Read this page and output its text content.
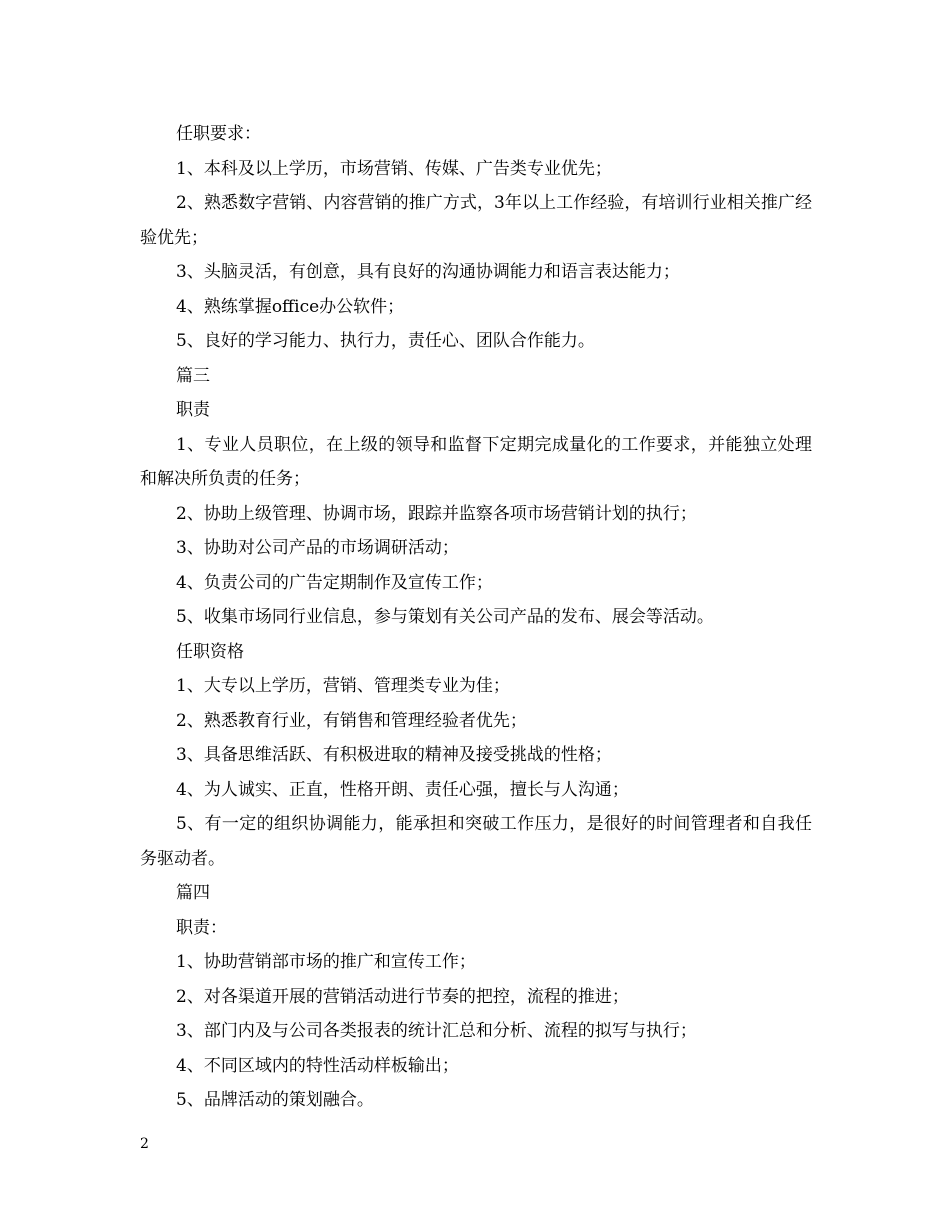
任职要求：

1、本科及以上学历，市场营销、传媒、广告类专业优先；

2、熟悉数字营销、内容营销的推广方式，3年以上工作经验，有培训行业相关推广经验优先；

3、头脑灵活，有创意，具有良好的沟通协调能力和语言表达能力；

4、熟练掌握office办公软件；

5、良好的学习能力、执行力，责任心、团队合作能力。

篇三

职责

1、专业人员职位，在上级的领导和监督下定期完成量化的工作要求，并能独立处理和解决所负责的任务；

2、协助上级管理、协调市场，跟踪并监察各项市场营销计划的执行；

3、协助对公司产品的市场调研活动；

4、负责公司的广告定期制作及宣传工作；

5、收集市场同行业信息，参与策划有关公司产品的发布、展会等活动。

任职资格

1、大专以上学历，营销、管理类专业为佳；

2、熟悉教育行业，有销售和管理经验者优先；

3、具备思维活跃、有积极进取的精神及接受挑战的性格；

4、为人诚实、正直，性格开朗、责任心强，擅长与人沟通；

5、有一定的组织协调能力，能承担和突破工作压力，是很好的时间管理者和自我任务驱动者。

篇四

职责：

1、协助营销部市场的推广和宣传工作；

2、对各渠道开展的营销活动进行节奏的把控，流程的推进；

3、部门内及与公司各类报表的统计汇总和分析、流程的拟写与执行；

4、不同区域内的特性活动样板输出；

5、品牌活动的策划融合。

2
